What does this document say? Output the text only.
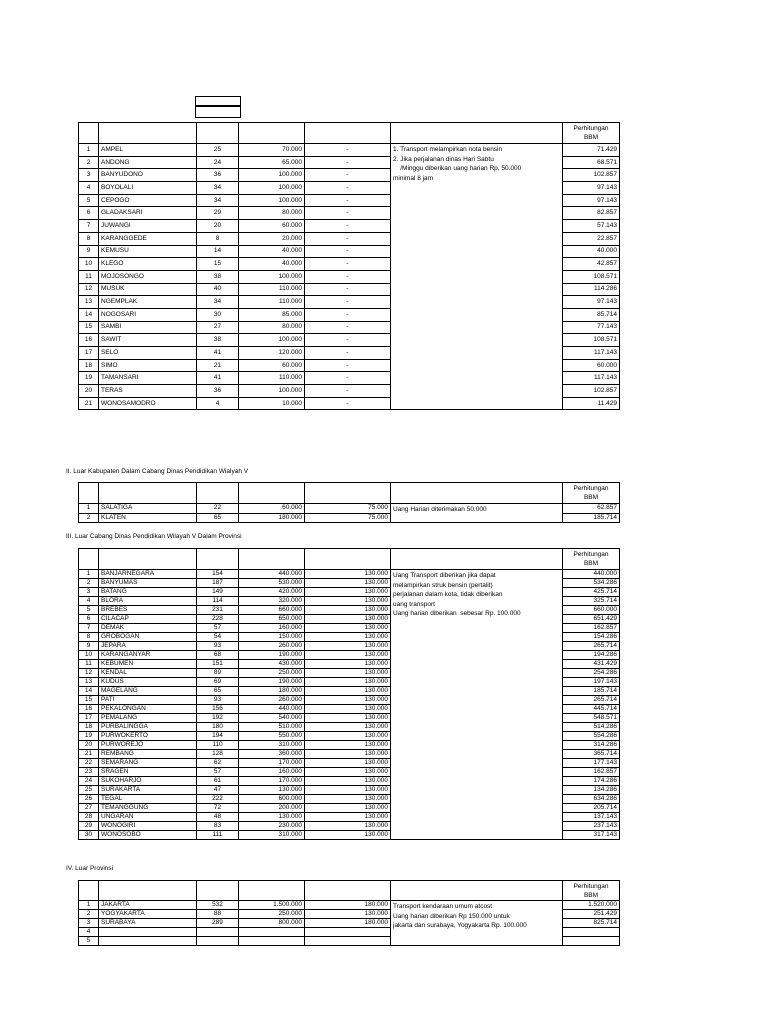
						Perhitungan
BBM

1	AMPEL	25	70.000	-	1. Transport melampirkan nota bensin
2. Jika perjalanan dinas Hari Sabtu
/Minggu diberikan uang harian Rp. 50.000
minimal 8 jam	71.429
2	ANDONG	24	65.000	-		68.571
3	BANYUDONO	36	100.000	-		102.857
4	BOYOLALI	34	100.000	-		97.143
5	CEPOGO	34	100.000	-		97.143
6	GLADAKSARI	29	80.000	-		82.857
7	JUWANGI	20	60.000	-		57.143
8	KARANGGEDE	8	20.000	-		22.857
9	KEMUSU	14	40.000	-		40.000
10	KLEGO	15	40.000	-		42.857
11	MOJOSONGO	38	100.000	-		108.571
12	MUSUK	40	110.000	-		114.286
13	NGEMPLAK	34	110.000	-		97.143
14	NOGOSARI	30	85.000	-		85.714
15	SAMBI	27	80.000	-		77.143
16	SAWIT	38	100.000	-		108.571
17	SELO	41	120.000	-		117.143
18	SIMO	21	60.000	-		60.000
19	TAMANSARI	41	110.000	-		117.143
20	TERAS	36	100.000	-		102.857
21	WONOSAMODRO	4	10.000	-		11.429
II. Luar Kabupaten Dalam Cabang Dinas Pendidikan Wialyah V

						Perhitungan
BBM

1	SALATIGA	22	60.000	75.000	Uang Harian diterimakan 50.000	62.857
2	KLATEN	65	180.000	75.000		185.714
III. Luar Cabang Dinas Pendidikan Wilayah V Dalam Provinsi

						Perhitungan
BBM

1	BANJARNEGARA	154	440.000	130.000	Uang Transport diberikan jika dapat
melampirkan struk bensin (pertalit)
perjalanan dalam kota, tidak diberikan
uang transport
Uang harian diberikan  sebesar Rp. 100.000	440.000
2	BANYUMAS	187	530.000	130.000		534.286
3	BATANG	149	420.000	130.000		425.714
4	BLORA	114	320.000	130.000		325.714
5	BREBES	231	660.000	130.000		660.000
6	CILACAP	228	650.000	130.000		651.429
7	DEMAK	57	160.000	130.000		162.857
8	GROBOGAN	54	150.000	130.000		154.286
9	JEPARA	93	260.000	130.000		265.714
10	KARANGANYAR	68	190.000	130.000		194.286
11	KEBUMEN	151	430.000	130.000		431.429
12	KENDAL	89	250.000	130.000		254.286
13	KUDUS	69	190.000	130.000		197.143
14	MAGELANG	65	180.000	130.000		185.714
15	PATI	93	260.000	130.000		265.714
16	PEKALONGAN	156	440.000	130.000		445.714
17	PEMALANG	192	540.000	130.000		548.571
18	PURBALINGGA	180	510.000	130.000		514.286
19	PURWOKERTO	194	550.000	130.000		554.286
20	PURWOREJO	110	310.000	130.000		314.286
21	REMBANG	128	360.000	130.000		365.714
22	SEMARANG	62	170.000	130.000		177.143
23	SRAGEN	57	160.000	130.000		162.857
24	SUKOHARJO	61	170.000	130.000		174.286
25	SURAKARTA	47	130.000	130.000		134.286
26	TEGAL	222	600.000	130.000		634.286
27	TEMANGGUNG	72	200.000	130.000		205.714
28	UNGARAN	48	130.000	130.000		137.143
29	WONOGIRI	83	230.000	130.000		237.143
30	WONOSOBO	111	310.000	130.000		317.143
IV. Luar Provinsi

						Perhitungan
BBM

1	JAKARTA	532	1.500.000	180.000	Transport kendaraan umum atcost
Uang harian diberikan Rp 150.000 untuk
jakarta dan surabaya, Yogyakarta Rp. 100.000	1.520.000
2	YOGYAKARTA	88	250.000	130.000		251.429
3	SURABAYA	289	800.000	180.000		825.714
4						
5						
